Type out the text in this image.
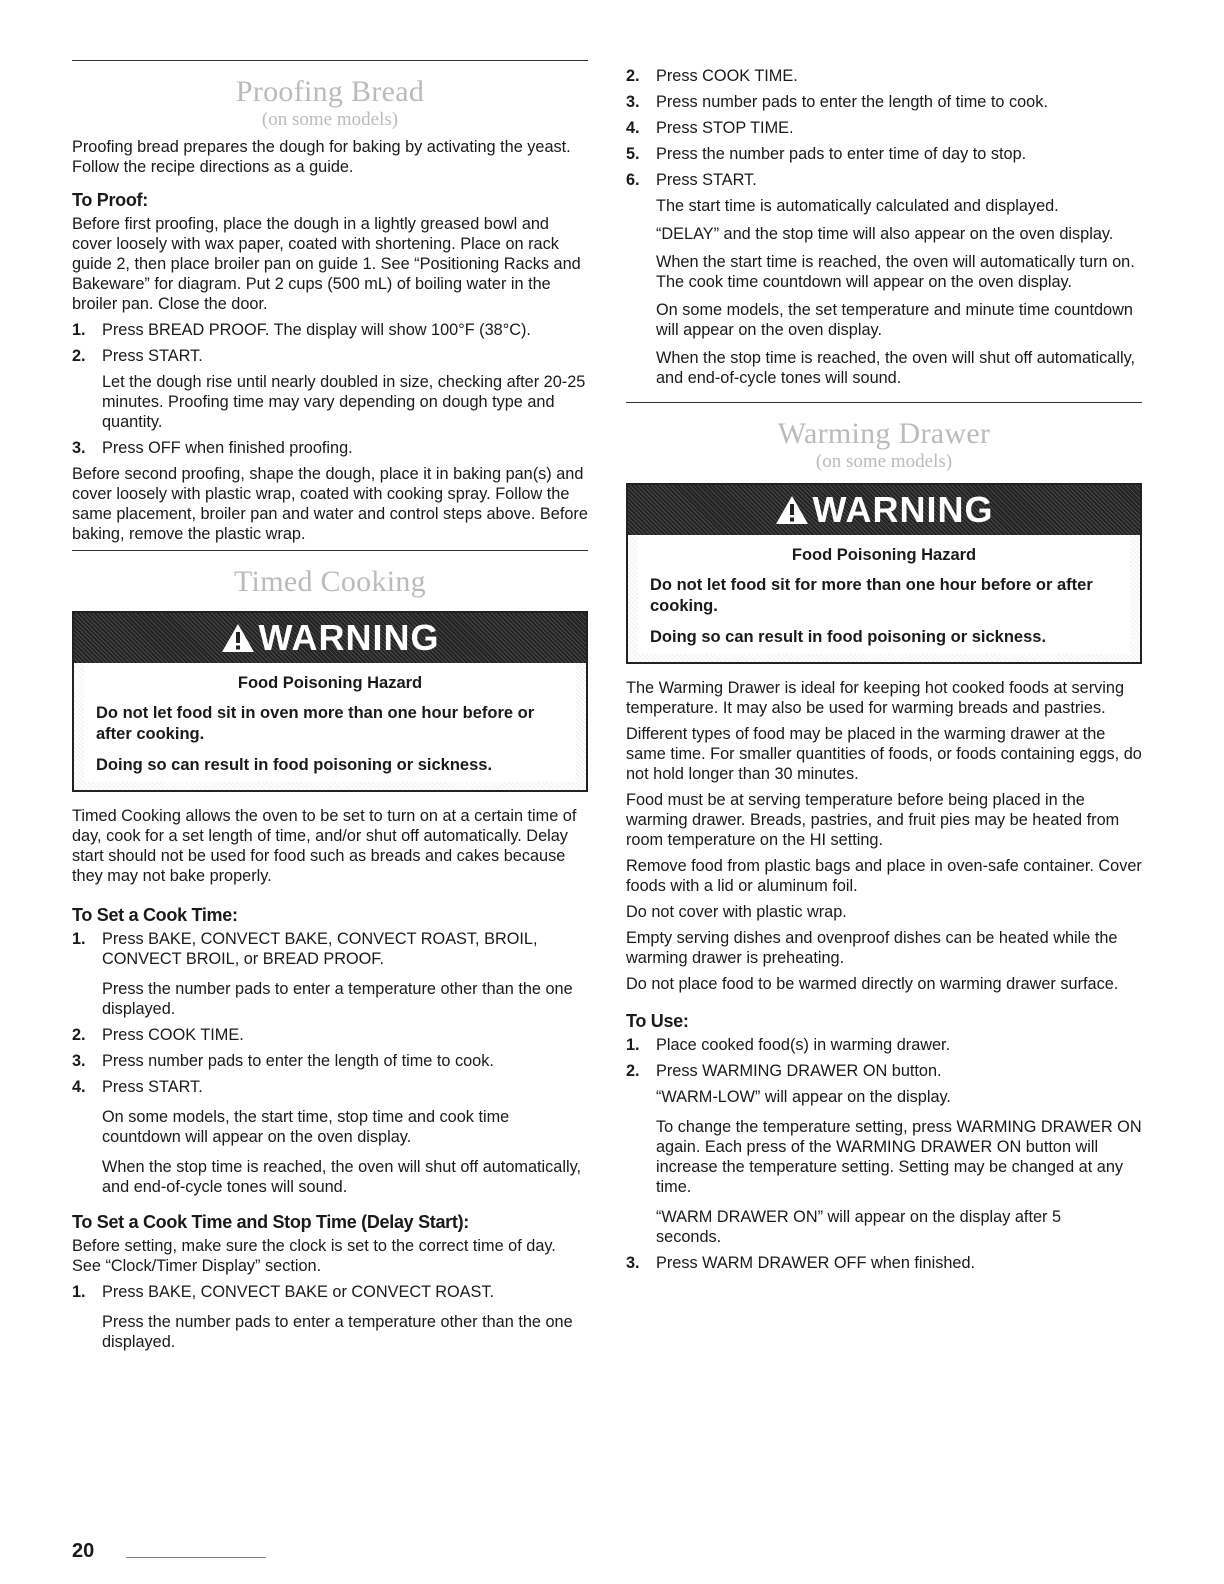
Proofing Bread
(on some models)

Proofing bread prepares the dough for baking by activating the yeast. Follow the recipe directions as a guide.

To Proof:

Before first proofing, place the dough in a lightly greased bowl and cover loosely with wax paper, coated with shortening. Place on rack guide 2, then place broiler pan on guide 1. See “Positioning Racks and Bakeware” for diagram. Put 2 cups (500 mL) of boiling water in the broiler pan. Close the door.

1. Press BREAD PROOF. The display will show 100°F (38°C).
2. Press START.

Let the dough rise until nearly doubled in size, checking after 20-25 minutes. Proofing time may vary depending on dough type and quantity.

3. Press OFF when finished proofing.

Before second proofing, shape the dough, place it in baking pan(s) and cover loosely with plastic wrap, coated with cooking spray. Follow the same placement, broiler pan and water and control steps above. Before baking, remove the plastic wrap.

Timed Cooking
WARNING
Food Poisoning Hazard
Do not let food sit in oven more than one hour before or after cooking.
Doing so can result in food poisoning or sickness.

Timed Cooking allows the oven to be set to turn on at a certain time of day, cook for a set length of time, and/or shut off automatically. Delay start should not be used for food such as breads and cakes because they may not bake properly.

To Set a Cook Time:
1. Press BAKE, CONVECT BAKE, CONVECT ROAST, BROIL, CONVECT BROIL, or BREAD PROOF.

Press the number pads to enter a temperature other than the one displayed.

2. Press COOK TIME.
3. Press number pads to enter the length of time to cook.
4. Press START.

On some models, the start time, stop time and cook time countdown will appear on the oven display.

When the stop time is reached, the oven will shut off automatically, and end-of-cycle tones will sound.

To Set a Cook Time and Stop Time (Delay Start):

Before setting, make sure the clock is set to the correct time of day. See “Clock/Timer Display” section.

1. Press BAKE, CONVECT BAKE or CONVECT ROAST.

Press the number pads to enter a temperature other than the one displayed.

2. Press COOK TIME.
3. Press number pads to enter the length of time to cook.
4. Press STOP TIME.
5. Press the number pads to enter time of day to stop.
6. Press START.

The start time is automatically calculated and displayed.

“DELAY” and the stop time will also appear on the oven display.

When the start time is reached, the oven will automatically turn on. The cook time countdown will appear on the oven display.

On some models, the set temperature and minute time countdown will appear on the oven display.

When the stop time is reached, the oven will shut off automatically, and end-of-cycle tones will sound.

Warming Drawer
(on some models)
WARNING
Food Poisoning Hazard
Do not let food sit for more than one hour before or after cooking.
Doing so can result in food poisoning or sickness.

The Warming Drawer is ideal for keeping hot cooked foods at serving temperature. It may also be used for warming breads and pastries.

Different types of food may be placed in the warming drawer at the same time. For smaller quantities of foods, or foods containing eggs, do not hold longer than 30 minutes.

Food must be at serving temperature before being placed in the warming drawer. Breads, pastries, and fruit pies may be heated from room temperature on the HI setting.

Remove food from plastic bags and place in oven-safe container. Cover foods with a lid or aluminum foil.

Do not cover with plastic wrap.

Empty serving dishes and ovenproof dishes can be heated while the warming drawer is preheating.

Do not place food to be warmed directly on warming drawer surface.

To Use:
1. Place cooked food(s) in warming drawer.
2. Press WARMING DRAWER ON button.

“WARM-LOW” will appear on the display.

To change the temperature setting, press WARMING DRAWER ON again. Each press of the WARMING DRAWER ON button will increase the temperature setting. Setting may be changed at any time.

“WARM DRAWER ON” will appear on the display after 5 seconds.

3. Press WARM DRAWER OFF when finished.
20
